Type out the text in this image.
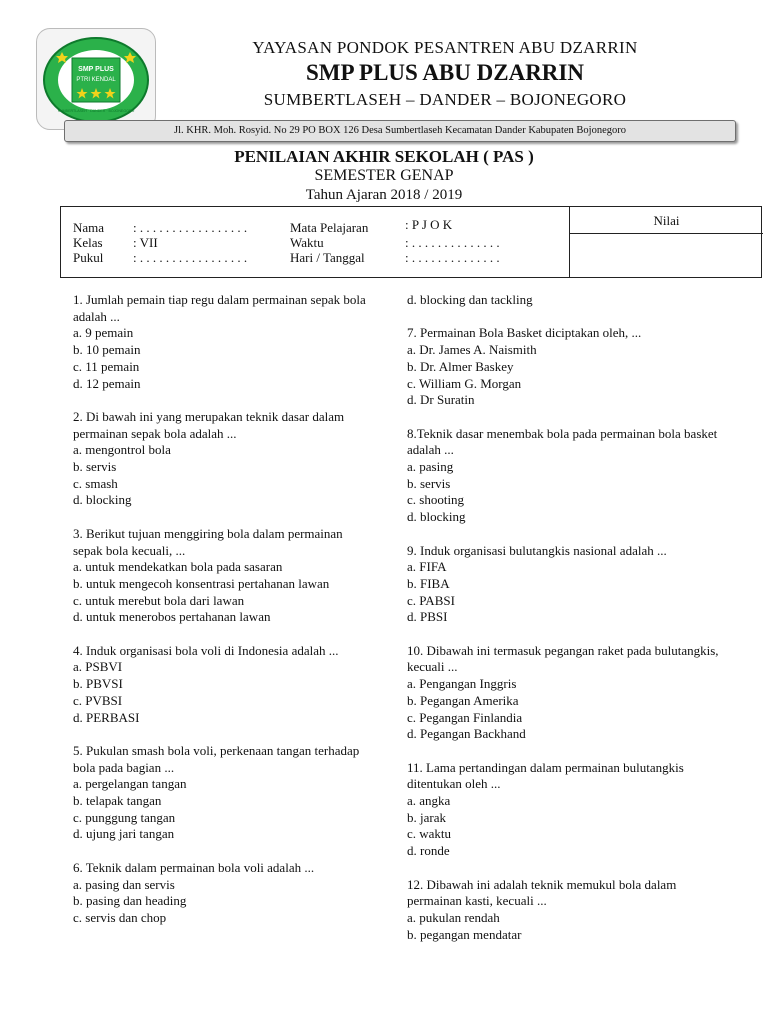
SMP PLUS
PTRI KENDAL
SUMBERTLASEH · DANDER · BOJONEGORO
YAYASAN PONDOK PESANTREN ABU DZARRIN
SMP PLUS ABU DZARRIN
SUMBERTLASEH – DANDER – BOJONEGORO
Jl. KHR. Moh. Rosyid. No 29 PO BOX 126 Desa Sumbertlaseh Kecamatan Dander Kabupaten Bojonegoro
PENILAIAN AKHIR SEKOLAH ( PAS )
SEMESTER GENAP
Tahun Ajaran 2018 / 2019
Nama : . . . . . . . . . . . . . . . . .
Kelas : VII
Pukul : . . . . . . . . . . . . . . . . .
Mata Pelajaran	: P J O K
Waktu	: . . . . . . . . . . . . . .
Hari / Tanggal	: . . . . . . . . . . . . . .
Nilai
1. Jumlah pemain tiap regu dalam permainan sepak bola adalah ...
a. 9 pemain
b. 10 pemain
c. 11 pemain
d. 12 pemain
2. Di bawah ini yang merupakan teknik dasar dalam permainan sepak bola adalah ...
a. mengontrol bola
b. servis
c. smash
d. blocking
3. Berikut tujuan menggiring bola dalam permainan sepak bola kecuali, ...
a. untuk mendekatkan bola pada sasaran
b. untuk mengecoh konsentrasi pertahanan lawan
c. untuk merebut bola dari lawan
d. untuk menerobos pertahanan lawan
4. Induk organisasi bola voli di Indonesia adalah ...
a. PSBVI
b. PBVSI
c. PVBSI
d. PERBASI
5. Pukulan smash bola voli, perkenaan tangan terhadap bola pada bagian ...
a. pergelangan tangan
b. telapak tangan
c. punggung tangan
d. ujung jari tangan
6. Teknik dalam permainan bola voli adalah ...
a. pasing dan servis
b. pasing dan heading
c. servis dan chop
d. blocking dan tackling
7. Permainan Bola Basket diciptakan oleh, ...
a. Dr. James A. Naismith
b. Dr. Almer Baskey
c. William G. Morgan
d. Dr Suratin
8.Teknik dasar menembak bola pada permainan bola basket adalah ...
a. pasing
b. servis
c. shooting
d. blocking
9. Induk organisasi bulutangkis nasional adalah ...
a. FIFA
b. FIBA
c. PABSI
d. PBSI
10. Dibawah ini termasuk pegangan raket pada bulutangkis, kecuali ...
a. Pengangan Inggris
b. Pegangan Amerika
c. Pegangan Finlandia
d. Pegangan Backhand
11. Lama pertandingan dalam permainan bulutangkis ditentukan oleh ...
a. angka
b. jarak
c. waktu
d. ronde
12. Dibawah ini adalah teknik memukul bola dalam permainan kasti, kecuali ...
a. pukulan rendah
b. pegangan mendatar
